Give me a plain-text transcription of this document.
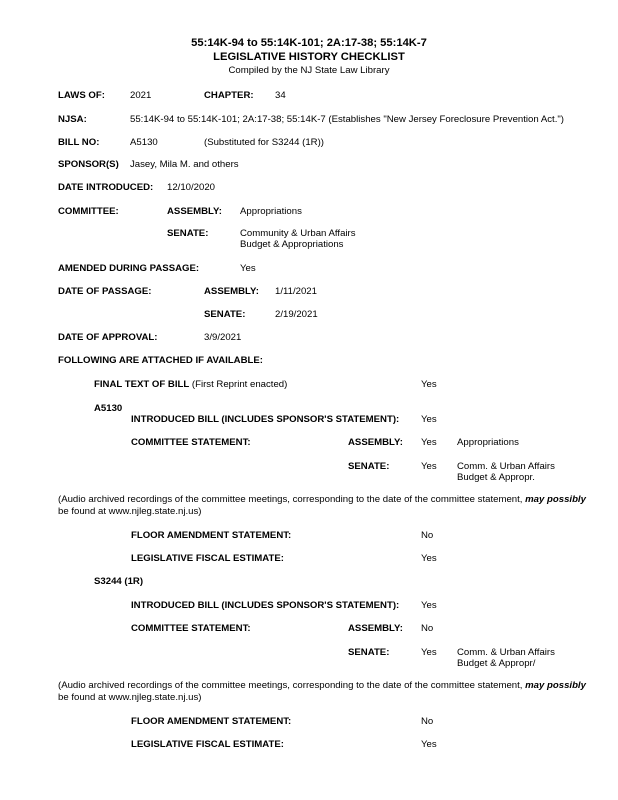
55:14K-94 to 55:14K-101; 2A:17-38; 55:14K-7
LEGISLATIVE HISTORY CHECKLIST
Compiled by the NJ State Law Library
LAWS OF:	2021	CHAPTER: 34
NJSA:	55:14K-94 to 55:14K-101; 2A:17-38; 55:14K-7 (Establishes "New Jersey Foreclosure Prevention Act.")
BILL NO:	A5130	(Substituted for S3244 (1R))
SPONSOR(S) Jasey, Mila M. and others
DATE INTRODUCED: 12/10/2020
COMMITTEE:	ASSEMBLY: Appropriations
SENATE:	Community & Urban Affairs
Budget & Appropriations
AMENDED DURING PASSAGE:	Yes
DATE OF PASSAGE:	ASSEMBLY: 1/11/2021
SENATE:	2/19/2021
DATE OF APPROVAL:	3/9/2021
FOLLOWING ARE ATTACHED IF AVAILABLE:
FINAL TEXT OF BILL (First Reprint enacted)	Yes
A5130
INTRODUCED BILL (INCLUDES SPONSOR'S STATEMENT): Yes
COMMITTEE STATEMENT:	ASSEMBLY: Yes Appropriations
SENATE:	Yes Comm. & Urban Affairs
Budget & Appropr.
(Audio archived recordings of the committee meetings, corresponding to the date of the committee statement, may possibly
be found at www.njleg.state.nj.us)
FLOOR AMENDMENT STATEMENT:	No
LEGISLATIVE FISCAL ESTIMATE:	Yes
S3244 (1R)
INTRODUCED BILL (INCLUDES SPONSOR'S STATEMENT): Yes
COMMITTEE STATEMENT:	ASSEMBLY: No
SENATE:	Yes Comm. & Urban Affairs
Budget & Appropr/
(Audio archived recordings of the committee meetings, corresponding to the date of the committee statement, may possibly
be found at www.njleg.state.nj.us)
FLOOR AMENDMENT STATEMENT:	No
LEGISLATIVE FISCAL ESTIMATE:	Yes
